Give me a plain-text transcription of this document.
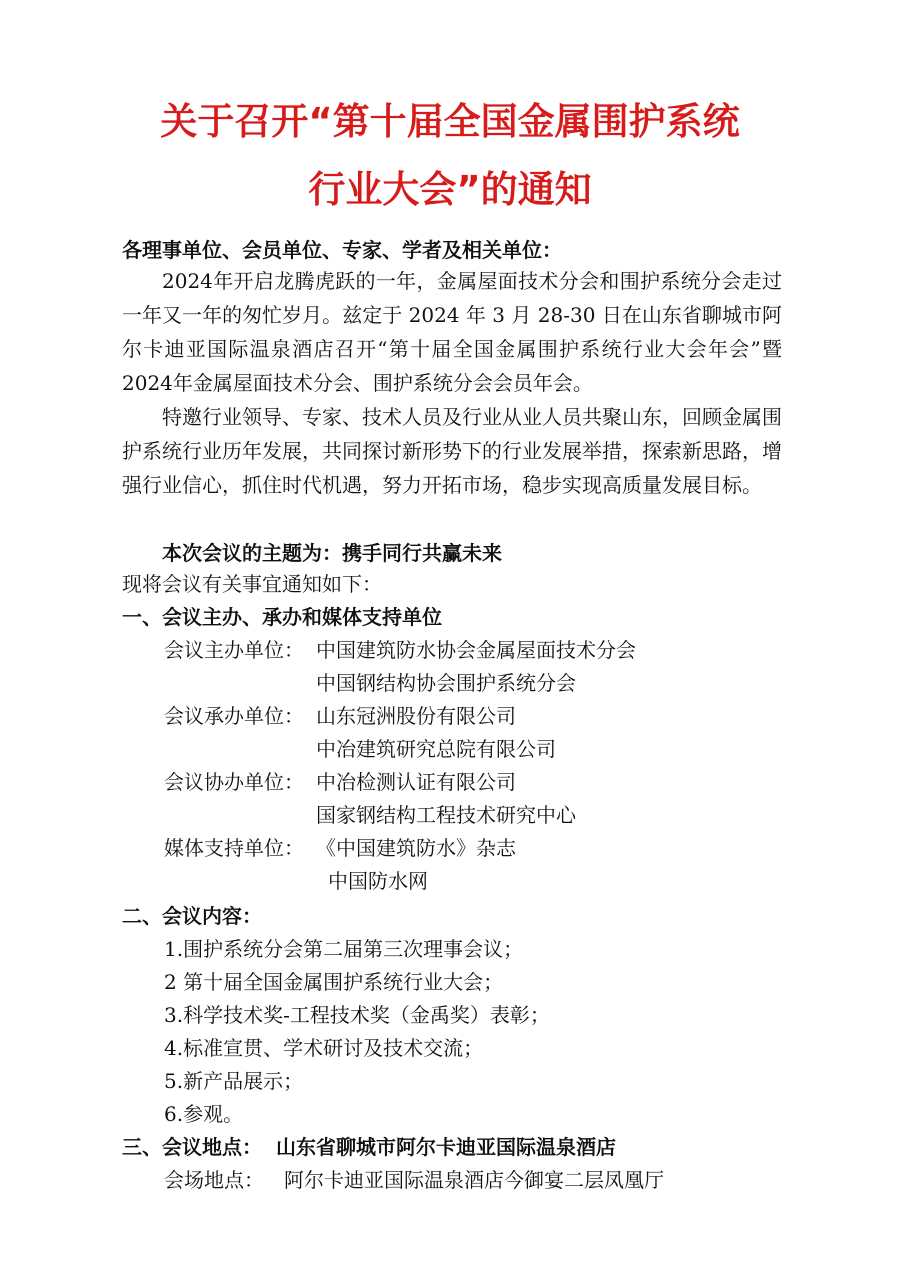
关于召开“第十届全国金属围护系统
行业大会”的通知
各理事单位、会员单位、专家、学者及相关单位：
2024年开启龙腾虎跃的一年，金属屋面技术分会和围护系统分会走过一年又一年的匆忙岁月。兹定于 2024 年 3 月 28-30 日在山东省聊城市阿尔卡迪亚国际温泉酒店召开“第十届全国金属围护系统行业大会年会”暨 2024年金属屋面技术分会、围护系统分会会员年会。
特邀行业领导、专家、技术人员及行业从业人员共聚山东，回顾金属围护系统行业历年发展，共同探讨新形势下的行业发展举措，探索新思路，增强行业信心，抓住时代机遇，努力开拓市场，稳步实现高质量发展目标。
本次会议的主题为：携手同行共赢未来
现将会议有关事宜通知如下：
一、会议主办、承办和媒体支持单位
会议主办单位： 中国建筑防水协会金属屋面技术分会
中国钢结构协会围护系统分会
会议承办单位： 山东冠洲股份有限公司
中冶建筑研究总院有限公司
会议协办单位： 中冶检测认证有限公司
国家钢结构工程技术研究中心
媒体支持单位： 《中国建筑防水》杂志
中国防水网
二、会议内容：
1.围护系统分会第二届第三次理事会议；
2 第十届全国金属围护系统行业大会；
3.科学技术奖-工程技术奖（金禹奖）表彰；
4.标准宣贯、学术研讨及技术交流；
5.新产品展示；
6.参观。
三、会议地点： 山东省聊城市阿尔卡迪亚国际温泉酒店
会场地点： 阿尔卡迪亚国际温泉酒店今御宴二层凤凰厅
